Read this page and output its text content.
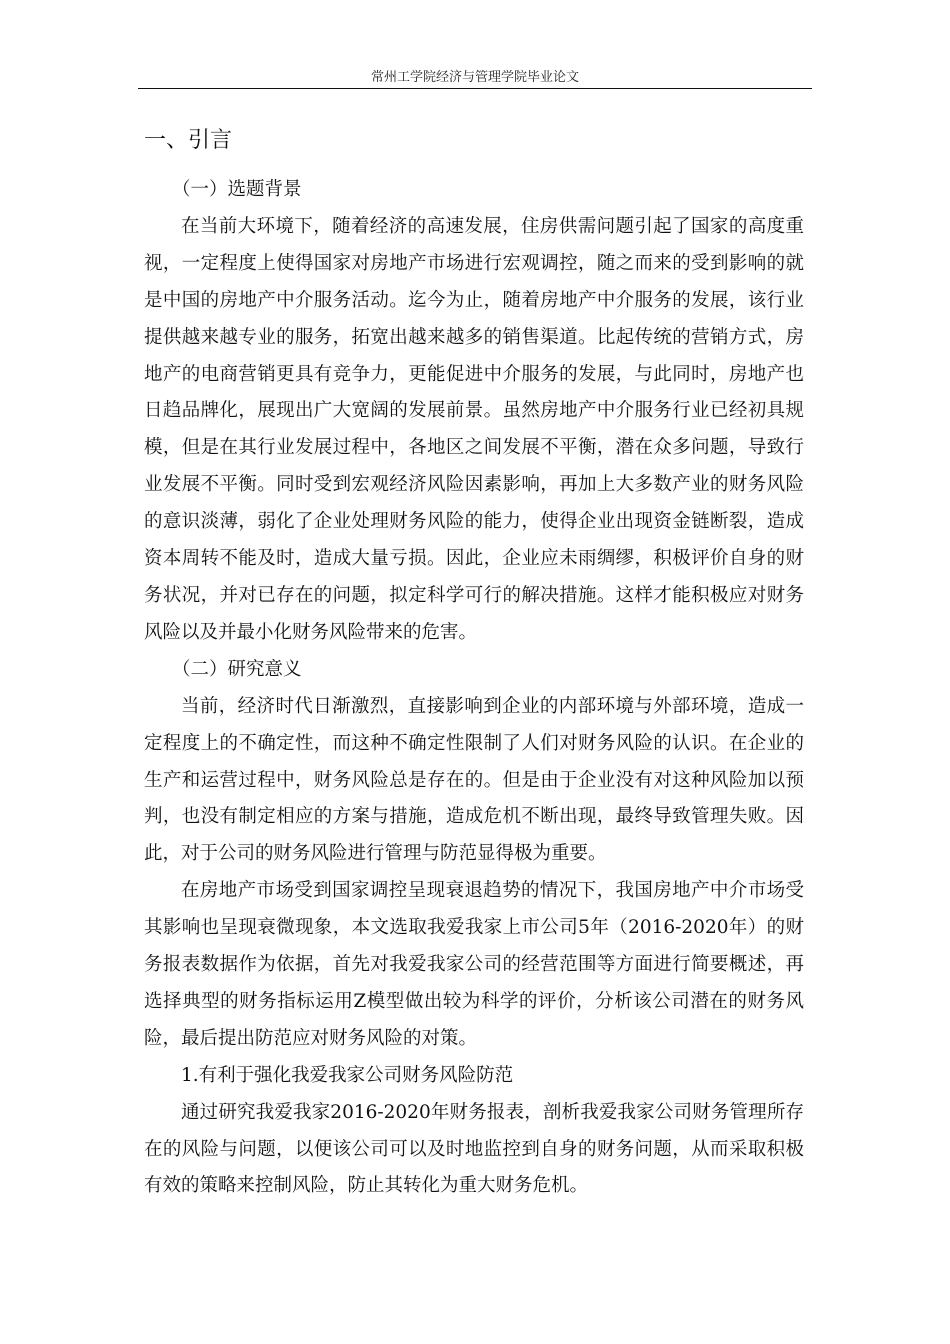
常州工学院经济与管理学院毕业论文
一、引言

（一）选题背景

在当前大环境下，随着经济的高速发展，住房供需问题引起了国家的高度重视，一定程度上使得国家对房地产市场进行宏观调控，随之而来的受到影响的就是中国的房地产中介服务活动。迄今为止，随着房地产中介服务的发展，该行业提供越来越专业的服务，拓宽出越来越多的销售渠道。比起传统的营销方式，房地产的电商营销更具有竞争力，更能促进中介服务的发展，与此同时，房地产也日趋品牌化，展现出广大宽阔的发展前景。虽然房地产中介服务行业已经初具规模，但是在其行业发展过程中，各地区之间发展不平衡，潜在众多问题，导致行业发展不平衡。同时受到宏观经济风险因素影响，再加上大多数产业的财务风险的意识淡薄，弱化了企业处理财务风险的能力，使得企业出现资金链断裂，造成资本周转不能及时，造成大量亏损。因此，企业应未雨绸缪，积极评价自身的财务状况，并对已存在的问题，拟定科学可行的解决措施。这样才能积极应对财务风险以及并最小化财务风险带来的危害。

（二）研究意义

当前，经济时代日渐激烈，直接影响到企业的内部环境与外部环境，造成一定程度上的不确定性，而这种不确定性限制了人们对财务风险的认识。在企业的生产和运营过程中，财务风险总是存在的。但是由于企业没有对这种风险加以预判，也没有制定相应的方案与措施，造成危机不断出现，最终导致管理失败。因此，对于公司的财务风险进行管理与防范显得极为重要。

在房地产市场受到国家调控呈现衰退趋势的情况下，我国房地产中介市场受其影响也呈现衰微现象，本文选取我爱我家上市公司5年（2016-2020年）的财务报表数据作为依据，首先对我爱我家公司的经营范围等方面进行简要概述，再选择典型的财务指标运用Z模型做出较为科学的评价，分析该公司潜在的财务风险，最后提出防范应对财务风险的对策。

1.有利于强化我爱我家公司财务风险防范

通过研究我爱我家2016-2020年财务报表，剖析我爱我家公司财务管理所存在的风险与问题，以便该公司可以及时地监控到自身的财务问题，从而采取积极有效的策略来控制风险，防止其转化为重大财务危机。
